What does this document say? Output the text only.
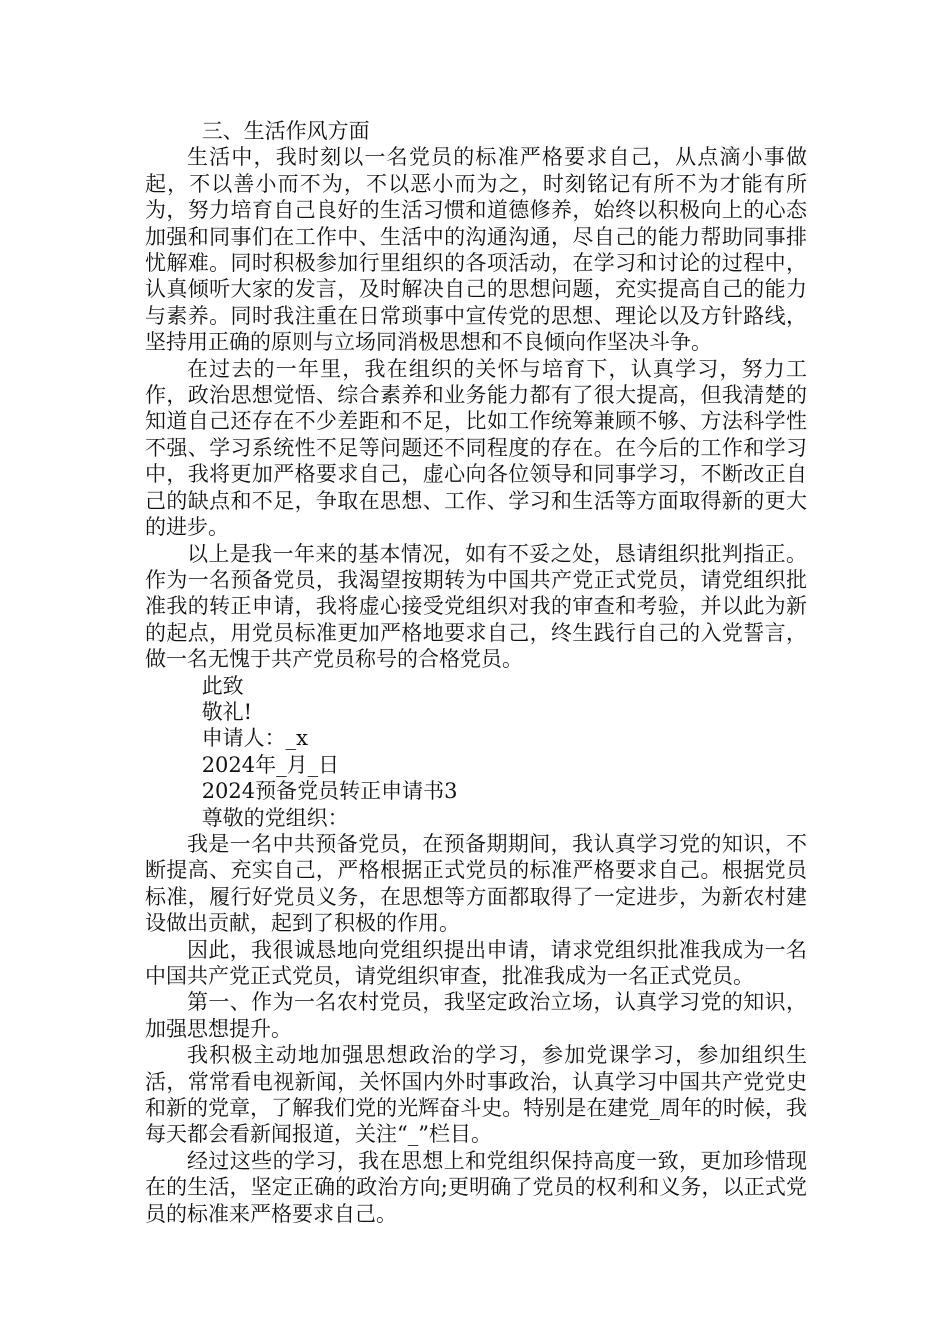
三、生活作风方面

生活中，我时刻以一名党员的标准严格要求自己，从点滴小事做起，不以善小而不为，不以恶小而为之，时刻铭记有所不为才能有所为，努力培育自己良好的生活习惯和道德修养，始终以积极向上的心态加强和同事们在工作中、生活中的沟通沟通，尽自己的能力帮助同事排忧解难。同时积极参加行里组织的各项活动，在学习和讨论的过程中，认真倾听大家的发言，及时解决自己的思想问题，充实提高自己的能力与素养。同时我注重在日常琐事中宣传党的思想、理论以及方针路线，坚持用正确的原则与立场同消极思想和不良倾向作坚决斗争。

在过去的一年里，我在组织的关怀与培育下，认真学习，努力工作，政治思想觉悟、综合素养和业务能力都有了很大提高，但我清楚的知道自己还存在不少差距和不足，比如工作统筹兼顾不够、方法科学性不强、学习系统性不足等问题还不同程度的存在。在今后的工作和学习中，我将更加严格要求自己，虚心向各位领导和同事学习，不断改正自己的缺点和不足，争取在思想、工作、学习和生活等方面取得新的更大的进步。

以上是我一年来的基本情况，如有不妥之处，恳请组织批判指正。作为一名预备党员，我渴望按期转为中国共产党正式党员，请党组织批准我的转正申请，我将虚心接受党组织对我的审查和考验，并以此为新的起点，用党员标准更加严格地要求自己，终生践行自己的入党誓言，做一名无愧于共产党员称号的合格党员。

此致

敬礼!

申请人：_x

2024年_月_日

2024预备党员转正申请书3

尊敬的党组织：

我是一名中共预备党员，在预备期期间，我认真学习党的知识，不断提高、充实自己，严格根据正式党员的标准严格要求自己。根据党员标准，履行好党员义务，在思想等方面都取得了一定进步，为新农村建设做出贡献，起到了积极的作用。

因此，我很诚恳地向党组织提出申请，请求党组织批准我成为一名中国共产党正式党员，请党组织审查，批准我成为一名正式党员。

第一、作为一名农村党员，我坚定政治立场，认真学习党的知识，加强思想提升。

我积极主动地加强思想政治的学习，参加党课学习，参加组织生活，常常看电视新闻，关怀国内外时事政治，认真学习中国共产党党史和新的党章，了解我们党的光辉奋斗史。特别是在建党_周年的时候，我每天都会看新闻报道，关注“_”栏目。

经过这些的学习，我在思想上和党组织保持高度一致，更加珍惜现在的生活，坚定正确的政治方向;更明确了党员的权利和义务，以正式党员的标准来严格要求自己。
